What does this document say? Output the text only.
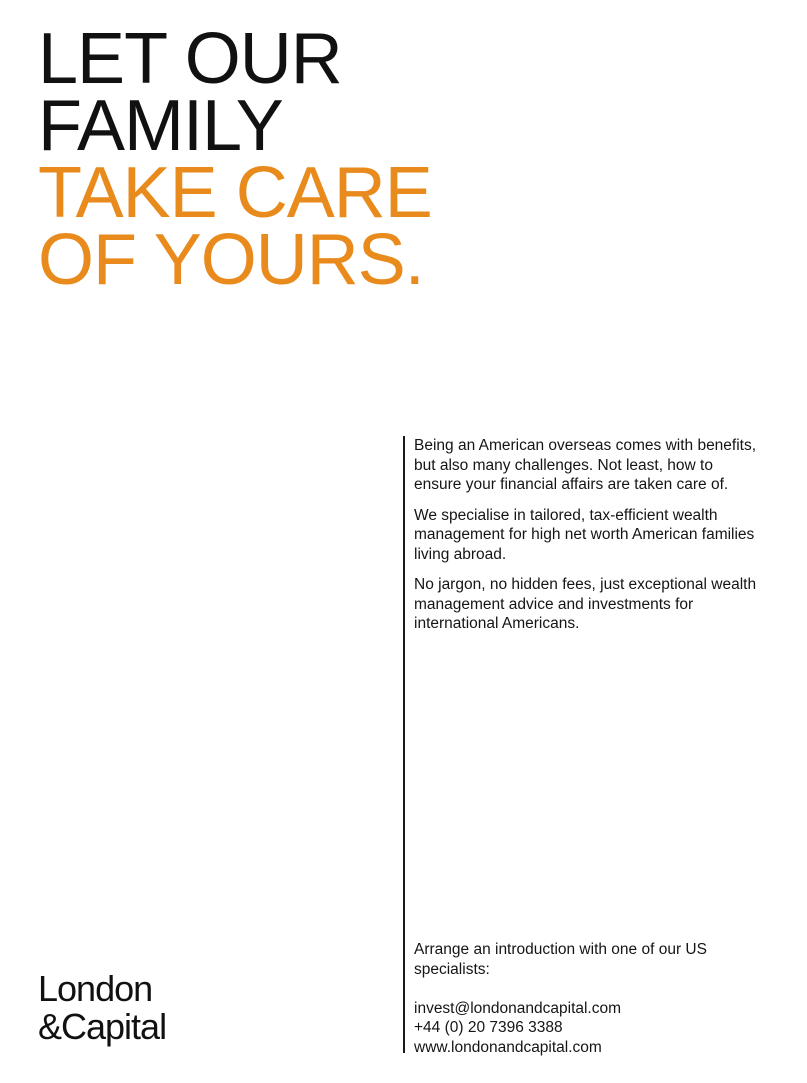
LET OUR
FAMILY
TAKE CARE
OF YOURS.

Being an American overseas comes with benefits, but also many challenges. Not least, how to ensure your financial affairs are taken care of.

We specialise in tailored, tax-efficient wealth management for high net worth American families living abroad.

No jargon, no hidden fees, just exceptional wealth management advice and investments for international Americans.

Arrange an introduction with one of our US specialists:

invest@londonandcapital.com
+44 (0) 20 7396 3388
www.londonandcapital.com
London
&Capital
